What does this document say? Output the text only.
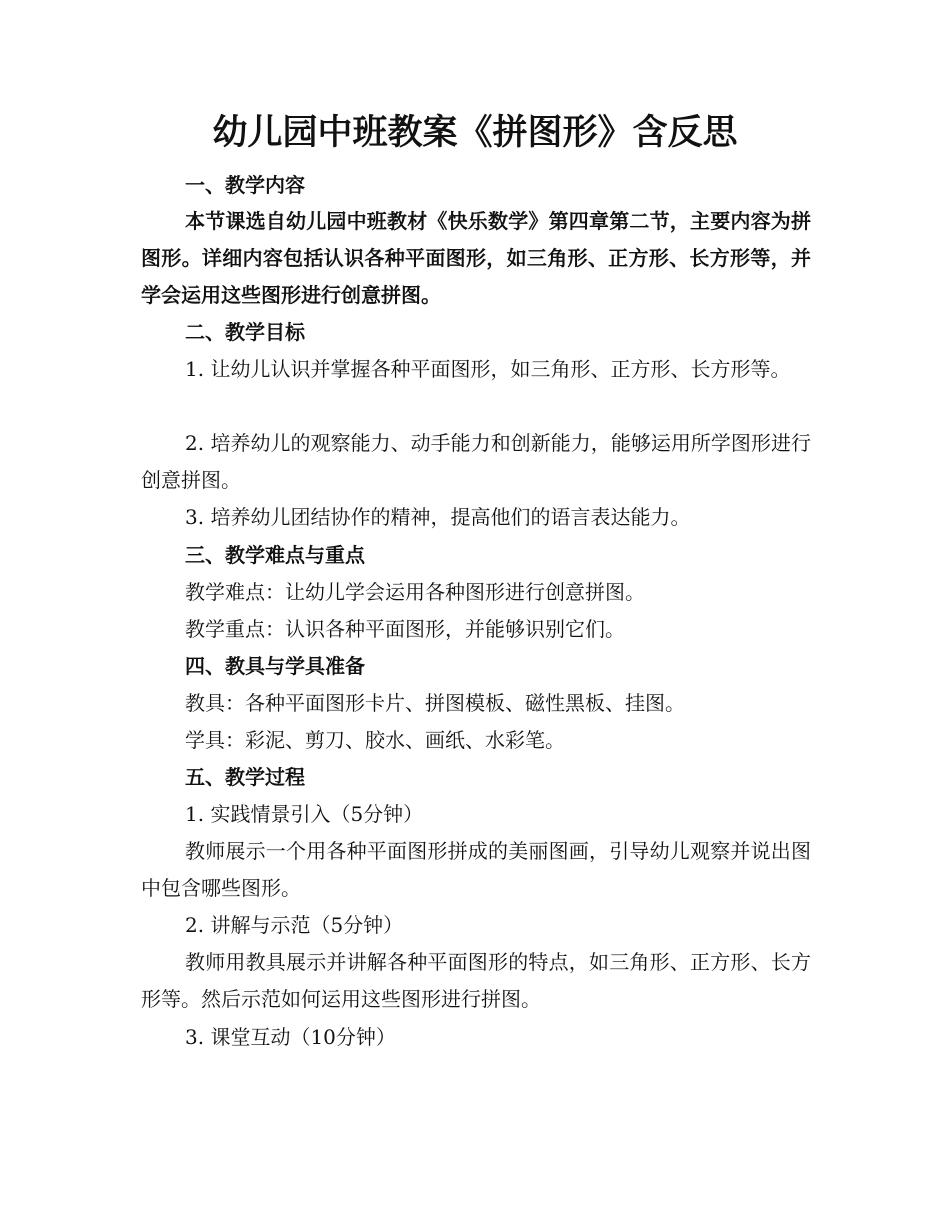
幼儿园中班教案《拼图形》含反思

一、教学内容

本节课选自幼儿园中班教材《快乐数学》第四章第二节，主要内容为拼图形。详细内容包括认识各种平面图形，如三角形、正方形、长方形等，并学会运用这些图形进行创意拼图。

二、教学目标

1. 让幼儿认识并掌握各种平面图形，如三角形、正方形、长方形等。

2. 培养幼儿的观察能力、动手能力和创新能力，能够运用所学图形进行创意拼图。

3. 培养幼儿团结协作的精神，提高他们的语言表达能力。

三、教学难点与重点

教学难点：让幼儿学会运用各种图形进行创意拼图。

教学重点：认识各种平面图形，并能够识别它们。

四、教具与学具准备

教具：各种平面图形卡片、拼图模板、磁性黑板、挂图。

学具：彩泥、剪刀、胶水、画纸、水彩笔。

五、教学过程

1. 实践情景引入（5分钟）

教师展示一个用各种平面图形拼成的美丽图画，引导幼儿观察并说出图中包含哪些图形。

2. 讲解与示范（5分钟）

教师用教具展示并讲解各种平面图形的特点，如三角形、正方形、长方形等。然后示范如何运用这些图形进行拼图。

3. 课堂互动（10分钟）
